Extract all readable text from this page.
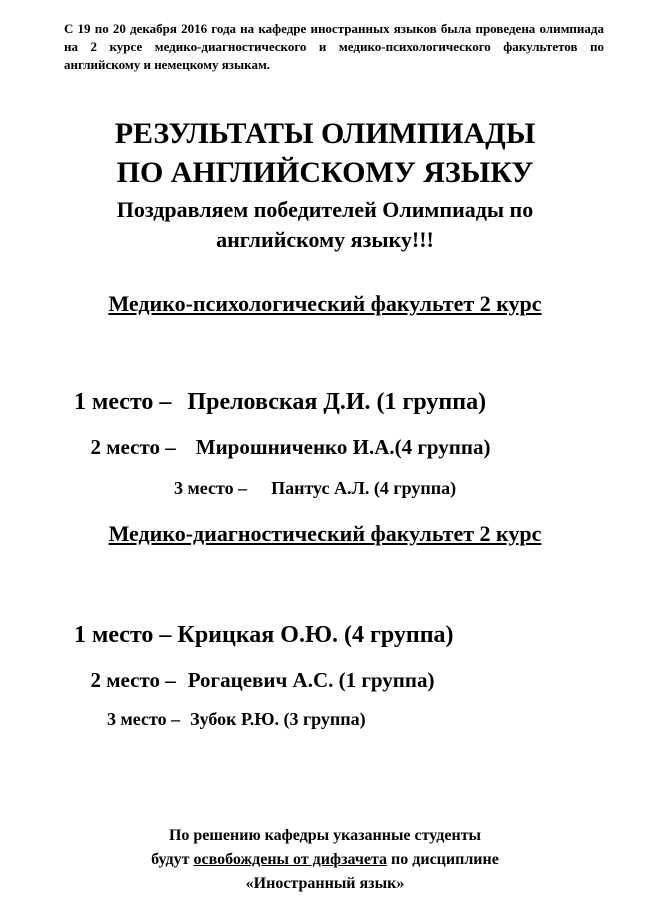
С 19 по 20 декабря 2016 года на кафедре иностранных языков была проведена олимпиада на 2 курсе медико-диагностического и медико-психологического факультетов по английскому и немецкому языкам.
РЕЗУЛЬТАТЫ ОЛИМПИАДЫ
ПО АНГЛИЙСКОМУ ЯЗЫКУ
Поздравляем победителей Олимпиады по
английскому языку!!!
Медико-психологический факультет 2 курс

1 место – Преловская Д.И. (1 группа)

2 место – Мирошниченко И.А.(4 группа)

3 место – Пантус А.Л. (4 группа)

Медико-диагностический факультет 2 курс

1 место – Крицкая О.Ю. (4 группа)

2 место – Рогацевич А.С. (1 группа)

3 место – Зубок Р.Ю. (3 группа)

По решению кафедры указанные студенты
будут освобождены от дифзачета по дисциплине
«Иностранный язык»
